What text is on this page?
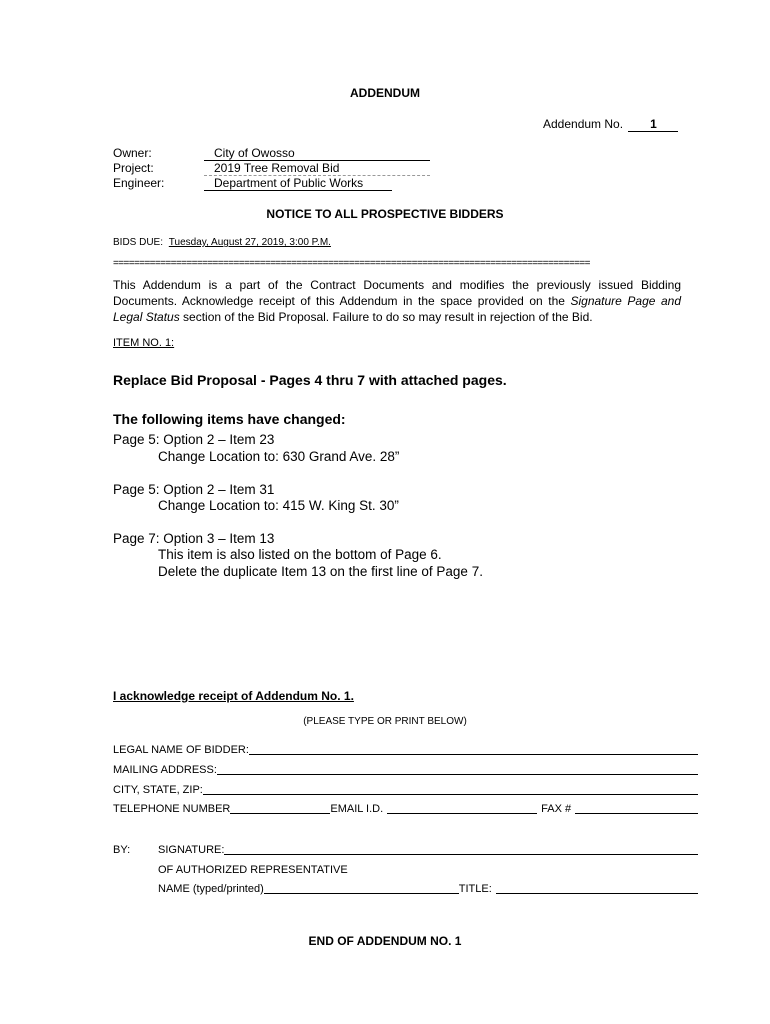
ADDENDUM
Addendum No. 1
Owner:	City of Owosso
Project:	2019 Tree Removal Bid
Engineer:	Department of Public Works
NOTICE TO ALL PROSPECTIVE BIDDERS
BIDS DUE: Tuesday, August 27, 2019, 3:00 P.M.
===========================================================================================
This Addendum is a part of the Contract Documents and modifies the previously issued Bidding Documents. Acknowledge receipt of this Addendum in the space provided on the Signature Page and Legal Status section of the Bid Proposal. Failure to do so may result in rejection of the Bid.
ITEM NO. 1:
Replace Bid Proposal - Pages 4 thru 7 with attached pages.
The following items have changed:
Page 5: Option 2 – Item 23
Change Location to: 630 Grand Ave. 28”
Page 5: Option 2 – Item 31
Change Location to: 415 W. King St. 30”
Page 7: Option 3 – Item 13
This item is also listed on the bottom of Page 6.
Delete the duplicate Item 13 on the first line of Page 7.
I acknowledge receipt of Addendum No. 1.
(PLEASE TYPE OR PRINT BELOW)
LEGAL NAME OF BIDDER:
MAILING ADDRESS:
CITY, STATE, ZIP:
TELEPHONE NUMBER	EMAIL I.D.	FAX #
BY:	SIGNATURE:
OF AUTHORIZED REPRESENTATIVE
NAME (typed/printed)	TITLE:
END OF ADDENDUM NO. 1
